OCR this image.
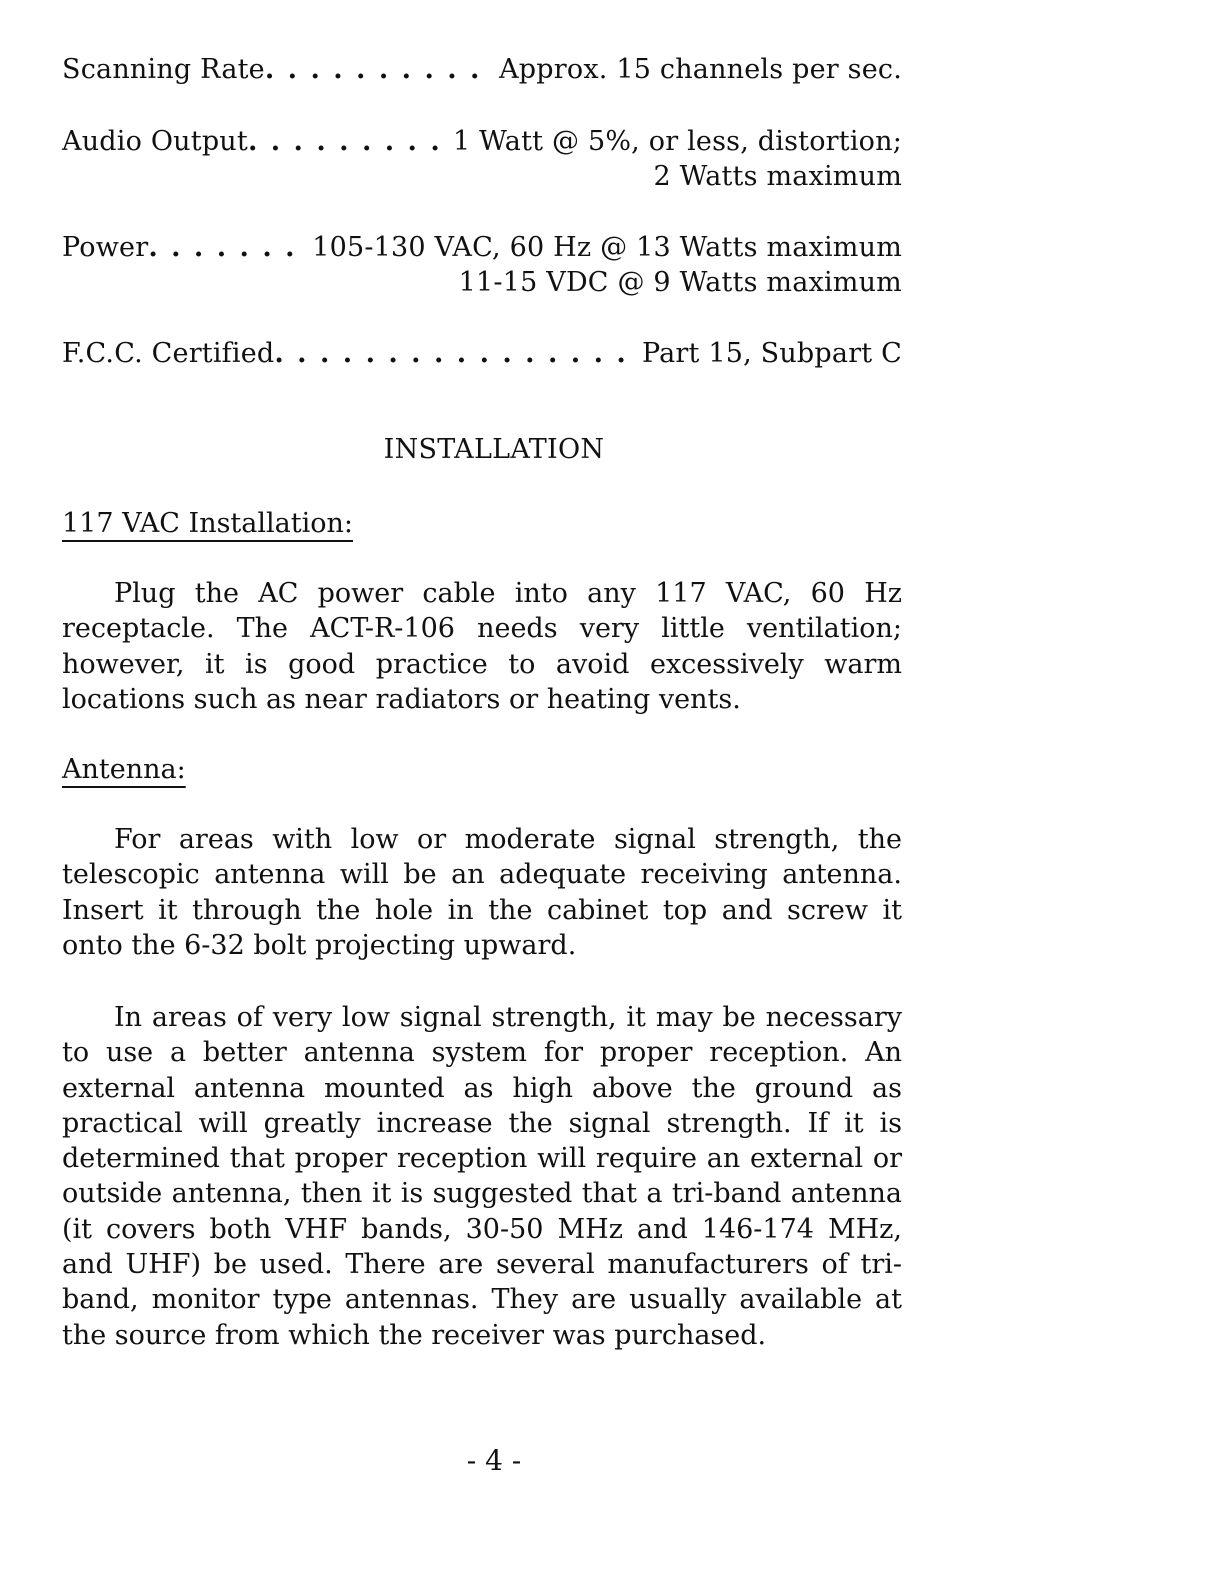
Scanning Rate . . .	Approx. 15 channels per sec.
Audio Output . . .	1 Watt @ 5%, or less, distortion;
2 Watts maximum
Power . . .	105-130 VAC, 60 Hz @ 13 Watts maximum
11-15 VDC @ 9 Watts maximum
F.C.C. Certified . . .	Part 15, Subpart C
INSTALLATION
117 VAC Installation:
Plug the AC power cable into any 117 VAC, 60 Hz receptacle. The ACT-R-106 needs very little ventilation; however, it is good practice to avoid excessively warm locations such as near radiators or heating vents.
Antenna:
For areas with low or moderate signal strength, the telescopic antenna will be an adequate receiving antenna. Insert it through the hole in the cabinet top and screw it onto the 6-32 bolt projecting upward.
In areas of very low signal strength, it may be necessary to use a better antenna system for proper reception. An external antenna mounted as high above the ground as practical will greatly increase the signal strength. If it is determined that proper reception will require an external or outside antenna, then it is suggested that a tri-band antenna (it covers both VHF bands, 30-50 MHz and 146-174 MHz, and UHF) be used. There are several manufacturers of tri-band, monitor type antennas. They are usually available at the source from which the receiver was purchased.
- 4 -
